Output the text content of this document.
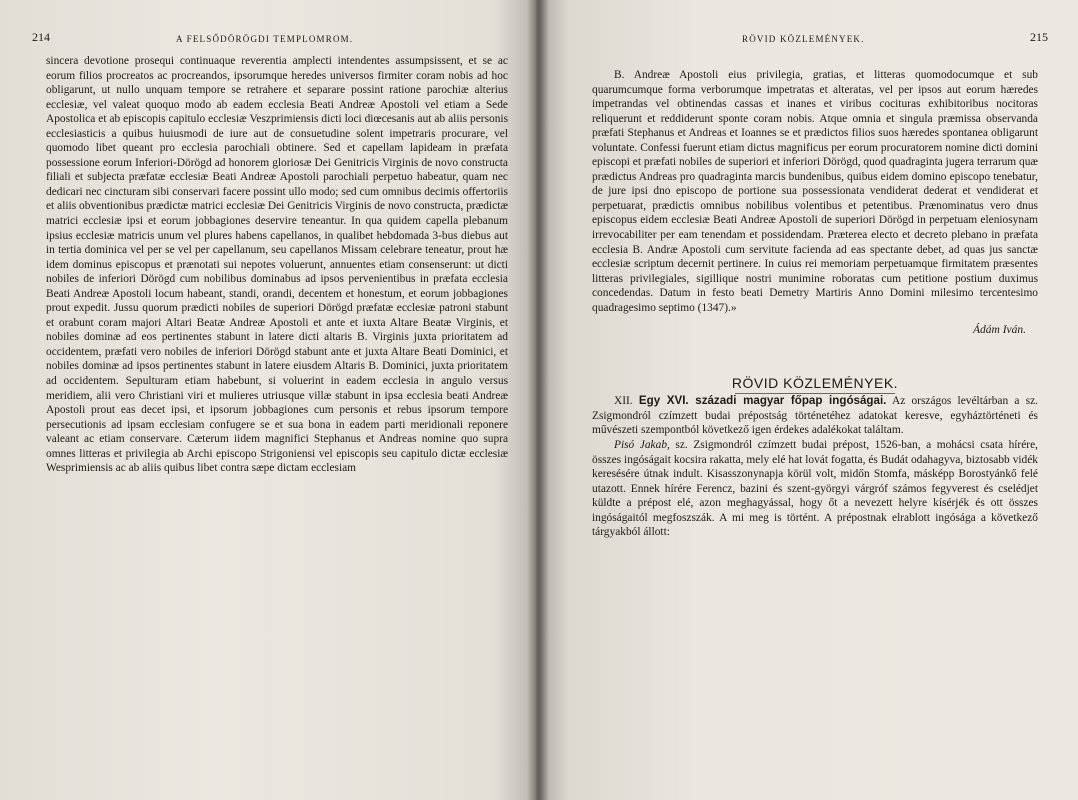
214	A FELSŐDÖRÖGDI TEMPLOMROM.

sincera devotione prosequi continuaque reverentia amplecti intendentes assumpsissent, et se ac eorum filios procreatos ac procreandos, ipsorumque heredes universos firmiter coram nobis ad hoc obligarunt, ut nullo unquam tempore se retrahere et separare possint ratione parochiæ alterius ecclesiæ, vel valeat quoquo modo ab eadem ecclesia Beati Andreæ Apostoli vel etiam a Sede Apostolica et ab episcopis capitulo ecclesiæ Veszprimiensis dicti loci diœcesanis aut ab aliis personis ecclesiasticis a quibus huiusmodi de iure aut de consuetudine solent impetraris procurare, vel quomodo libet queant pro ecclesia parochiali obtinere. Sed et capellam lapideam in præfata possessione eorum Inferiori-Dörögd ad honorem gloriosæ Dei Genitricis Virginis de novo constructa filiali et subjecta præfatæ ecclesiæ Beati Andreæ Apostoli parochiali perpetuo habeatur, quam nec dedicari nec cincturam sibi conservari facere possint ullo modo; sed cum omnibus decimis offertoriis et aliis obventionibus prædictæ matrici ecclesiæ Dei Genitricis Virginis de novo constructa, prædictæ matrici ecclesiæ ipsi et eorum jobbagiones deservire teneantur. In qua quidem capella plebanum ipsius ecclesiæ matricis unum vel plures habens capellanos, in qualibet hebdomada 3-bus diebus aut in tertia dominica vel per se vel per capellanum, seu capellanos Missam celebrare teneatur, prout hæ idem dominus episcopus et prænotati sui nepotes voluerunt, annuentes etiam consenserunt: ut dicti nobiles de inferiori Dörögd cum nobilibus dominabus ad ipsos pervenientibus in præfata ecclesia Beati Andreæ Apostoli locum habeant, standi, orandi, decentem et honestum, et eorum jobbagiones prout expedit. Jussu quorum prædicti nobiles de superiori Dörögd præfatæ ecclesiæ patroni stabunt et orabunt coram majori Altari Beatæ Andreæ Apostoli et ante et iuxta Altare Beatæ Virginis, et nobiles dominæ ad eos pertinentes stabunt in latere dicti altaris B. Virginis juxta prioritatem ad occidentem, præfati vero nobiles de inferiori Dörögd stabunt ante et juxta Altare Beati Dominici, et nobiles dominæ ad ipsos pertinentes stabunt in latere eiusdem Altaris B. Dominici, juxta prioritatem ad occidentem. Sepulturam etiam habebunt, si voluerint in eadem ecclesia in angulo versus meridiem, alii vero Christiani viri et mulieres utriusque villæ stabunt in ipsa ecclesia beati Andreæ Apostoli prout eas decet ipsi, et ipsorum jobbagiones cum personis et rebus ipsorum tempore persecutionis ad ipsam ecclesiam confugere se et sua bona in eadem parti meridionali reponere valeant ac etiam conservare. Cæterum iidem magnifici Stephanus et Andreas nomine quo supra omnes litteras et privilegia ab Archi episcopo Strigoniensi vel episcopis seu capitulo dictæ ecclesiæ Wesprimiensis ac ab aliis quibus libet contra sæpe dictam ecclesiam

RÖVID KÖZLEMÉNYEK.	215

B. Andreæ Apostoli eius privilegia, gratias, et litteras quomodocumque et sub quarumcumque forma verborumque impetratas et alteratas, vel per ipsos aut eorum hæredes impetrandas vel obtinendas cassas et inanes et viribus cocituras exhibitoribus nocitoras reliquerunt et reddiderunt sponte coram nobis. Atque omnia et singula præmissa observanda præfati Stephanus et Andreas et Ioannes se et prædictos filios suos hæredes spontanea obligarunt voluntate. Confessi fuerunt etiam dictus magnificus per eorum procuratorem nomine dicti domini episcopi et præfati nobiles de superiori et inferiori Dörögd, quod quadraginta jugera terrarum quæ prædictus Andreas pro quadraginta marcis bundenibus, quibus eidem domino episcopo tenebatur, de jure ipsi dno episcopo de portione sua possessionata vendiderat dederat et vendiderat et perpetuarat, prædictis omnibus nobilibus volentibus et petentibus. Prænominatus vero dnus episcopus eidem ecclesiæ Beati Andreæ Apostoli de superiori Dörögd in perpetuam eleniosynam irrevocabiliter per eam tenendam et possidendam. Præterea electo et decreto plebano in præfata ecclesia B. Andræ Apostoli cum servitute facienda ad eas spectante debet, ad quas jus sanctæ ecclesiæ scriptum decernit pertinere. In cuius rei memoriam perpetuamque firmitatem præsentes litteras privilegiales, sigillique nostri munimine roboratas cum petitione postium duximus concedendas. Datum in festo beati Demetry Martiris Anno Domini milesimo tercentesimo quadragesimo septimo (1347).»

Ádám Iván.
RÖVID KÖZLEMÉNYEK.

XII. Egy XVI. századi magyar főpap ingóságai. Az országos levéltárban a sz. Zsigmondról czímzett budai prépostság történetéhez adatokat keresve, egyháztörténeti és művészeti szempontból következő igen érdekes adalékokat találtam.

Pisó Jakab, sz. Zsigmondról czímzett budai prépost, 1526-ban, a mohácsi csata hírére, összes ingóságait kocsira rakatta, mely elé hat lovát fogatta, és Budát odahagyva, biztosabb vidék keresésére útnak indult. Kisasszonynapja körül volt, midőn Stomfa, másképp Borostyánkő felé utazott. Ennek hírére Ferencz, bazini és szent-györgyi várgróf számos fegyverest és cselédjet küldte a prépost elé, azon meghagyással, hogy őt a nevezett helyre kísérjék és ott összes ingóságaitól megfoszszák. A mi meg is történt. A prépostnak elrablott ingósága a következő tárgyakból állott:
